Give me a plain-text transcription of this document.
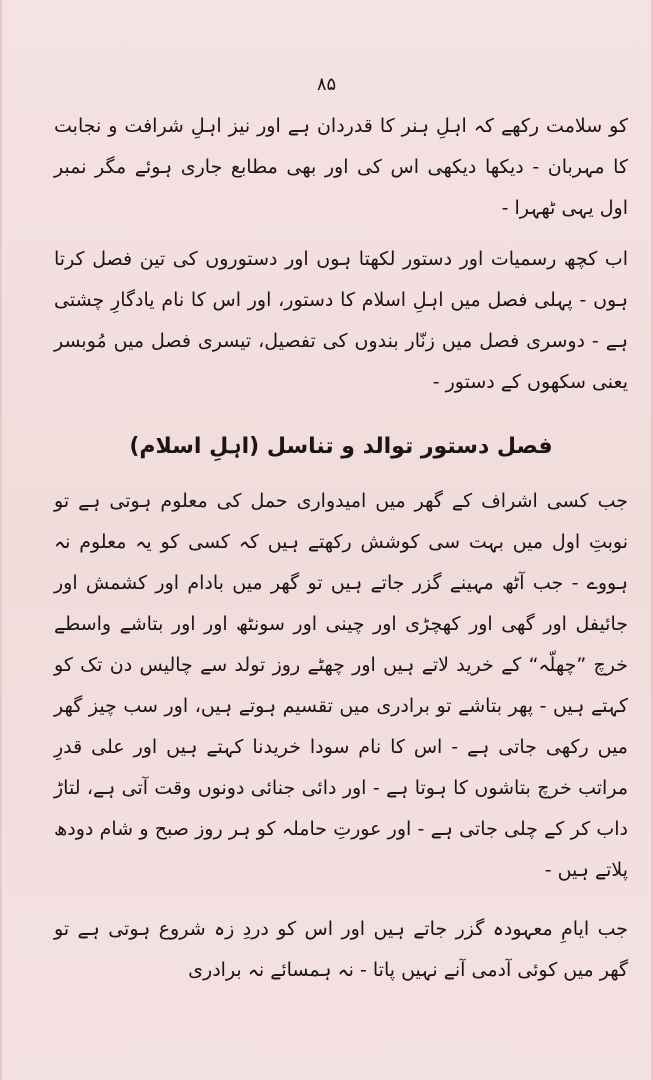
۸۵

کو سلامت رکھے کہ اہلِ ہنر کا قدردان ہے اور نیز اہلِ شرافت و نجابت کا مہربان - دیکھا دیکھی اس کی اور بھی مطابع جاری ہوئے مگر نمبر اول یہی ٹھہرا -

اب کچھ رسمیات اور دستور لکھتا ہوں اور دستوروں کی تین فصل کرتا ہوں - پہلی فصل میں اہلِ اسلام کا دستور، اور اس کا نام یادگارِ چشتی ہے - دوسری فصل میں زنّار بندوں کی تفصیل، تیسری فصل میں مُوبسر یعنی سکھوں کے دستور -

فصل دستور توالد و تناسل (اہلِ اسلام)

جب کسی اشراف کے گھر میں امیدواری حمل کی معلوم ہوتی ہے تو نوبتِ اول میں بہت سی کوشش رکھتے ہیں کہ کسی کو یہ معلوم نہ ہووے - جب آٹھ مہینے گزر جاتے ہیں تو گھر میں بادام اور کشمش اور جائیفل اور گھی اور کھچڑی اور چینی اور سونٹھ اور اور بتاشے واسطے خرچ ”چھلّہ“ کے خرید لاتے ہیں اور چھٹے روز تولد سے چالیس دن تک کو کہتے ہیں - پھر بتاشے تو برادری میں تقسیم ہوتے ہیں، اور سب چیز گھر میں رکھی جاتی ہے - اس کا نام سودا خریدنا کہتے ہیں اور علی قدرِ مراتب خرچ بتاشوں کا ہوتا ہے - اور دائی جنائی دونوں وقت آتی ہے، لتاڑ داب کر کے چلی جاتی ہے - اور عورتِ حاملہ کو ہر روز صبح و شام دودھ پلاتے ہیں -

جب ایامِ معہودہ گزر جاتے ہیں اور اس کو دردِ زہ شروع ہوتی ہے تو گھر میں کوئی آدمی آنے نہیں پاتا - نہ ہمسائے نہ برادری
